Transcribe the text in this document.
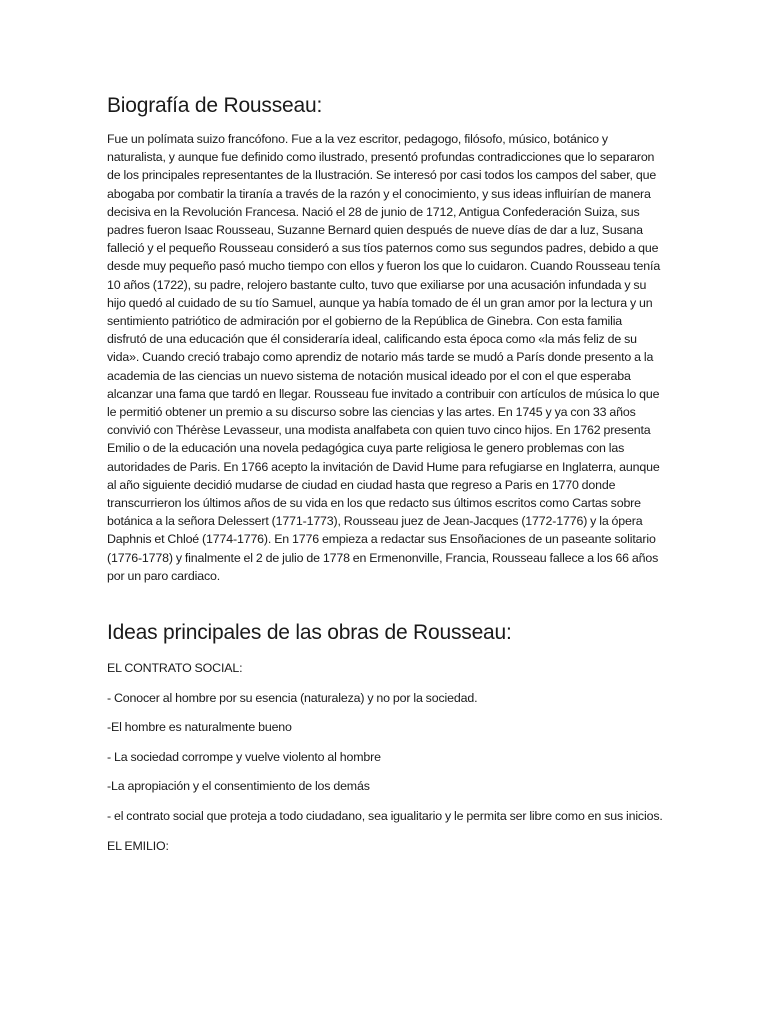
Biografía de Rousseau:

Fue un polímata suizo francófono. Fue a la vez escritor, pedagogo, filósofo, músico, botánico y naturalista, y aunque fue definido como ilustrado, presentó profundas contradicciones que lo separaron de los principales representantes de la Ilustración. Se interesó por casi todos los campos del saber, que abogaba por combatir la tiranía a través de la razón y el conocimiento, y sus ideas influirían de manera decisiva en la Revolución Francesa. Nació el 28 de junio de 1712, Antigua Confederación Suiza, sus padres fueron Isaac Rousseau, Suzanne Bernard quien después de nueve días de dar a luz, Susana falleció y el pequeño Rousseau consideró a sus tíos paternos como sus segundos padres, debido a que desde muy pequeño pasó mucho tiempo con ellos y fueron los que lo cuidaron. Cuando Rousseau tenía 10 años (1722), su padre, relojero bastante culto, tuvo que exiliarse por una acusación infundada y su hijo quedó al cuidado de su tío Samuel, aunque ya había tomado de él un gran amor por la lectura y un sentimiento patriótico de admiración por el gobierno de la República de Ginebra. Con esta familia disfrutó de una educación que él consideraría ideal, calificando esta época como «la más feliz de su vida». Cuando creció trabajo como aprendiz de notario más tarde se mudó a París donde presento a la academia de las ciencias un nuevo sistema de notación musical ideado por el con el que esperaba alcanzar una fama que tardó en llegar. Rousseau fue invitado a contribuir con artículos de música lo que le permitió obtener un premio a su discurso sobre las ciencias y las artes. En 1745 y ya con 33 años convivió con Thérèse Levasseur, una modista analfabeta con quien tuvo cinco hijos. En 1762 presenta Emilio o de la educación una novela pedagógica cuya parte religiosa le genero problemas con las autoridades de Paris. En 1766 acepto la invitación de David Hume para refugiarse en Inglaterra, aunque al año siguiente decidió mudarse de ciudad en ciudad hasta que regreso a Paris en 1770 donde transcurrieron los últimos años de su vida en los que redacto sus últimos escritos como Cartas sobre botánica a la señora Delessert (1771-1773), Rousseau juez de Jean-Jacques (1772-1776) y la ópera Daphnis et Chloé (1774-1776). En 1776 empieza a redactar sus Ensoñaciones de un paseante solitario (1776-1778) y finalmente el 2 de julio de 1778 en Ermenonville, Francia, Rousseau fallece a los 66 años por un paro cardiaco.

Ideas principales de las obras de Rousseau:

EL CONTRATO SOCIAL:

- Conocer al hombre por su esencia (naturaleza) y no por la sociedad.

-El hombre es naturalmente bueno

- La sociedad corrompe y vuelve violento al hombre

-La apropiación y el consentimiento de los demás

- el contrato social que proteja a todo ciudadano, sea igualitario y le permita ser libre como en sus inicios.

EL EMILIO:
